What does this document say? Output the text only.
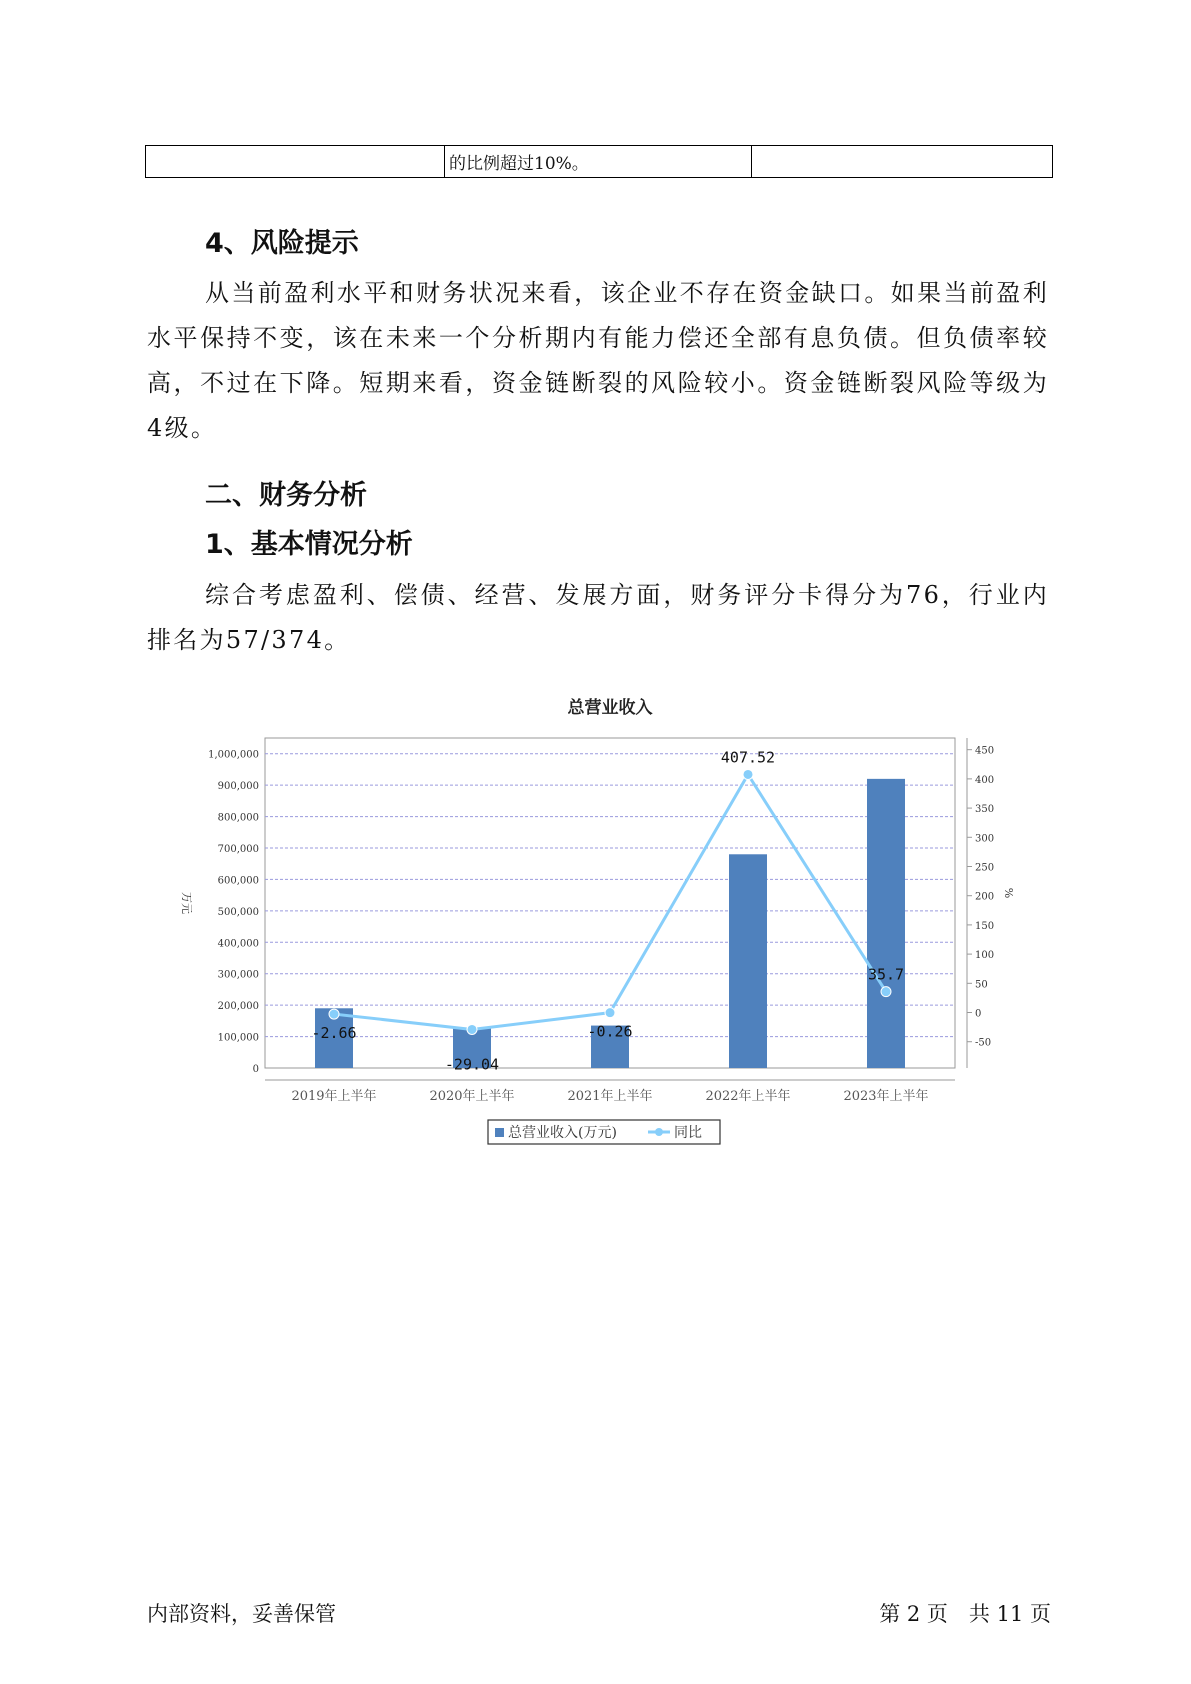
	的比例超过10%。	
4、风险提示
从当前盈利水平和财务状况来看，该企业不存在资金缺口。如果当前盈利水平保持不变，该在未来一个分析期内有能力偿还全部有息负债。但负债率较高，不过在下降。短期来看，资金链断裂的风险较小。资金链断裂风险等级为4级。
二、财务分析
1、基本情况分析
综合考虑盈利、偿债、经营、发展方面，财务评分卡得分为76，行业内排名为57/374。
总营业收入
0
100,000
200,000
300,000
400,000
500,000
600,000
700,000
800,000
900,000
1,000,000
-50
0
50
100
150
200
250
300
350
400
450
万元	%
2019年上半年	2020年上半年	2021年上半年	2022年上半年	2023年上半年
-2.66
-29.04
-0.26
407.52
35.7
总营业收入(万元)	同比
内部资料，妥善保管	第 2 页　共 11 页
